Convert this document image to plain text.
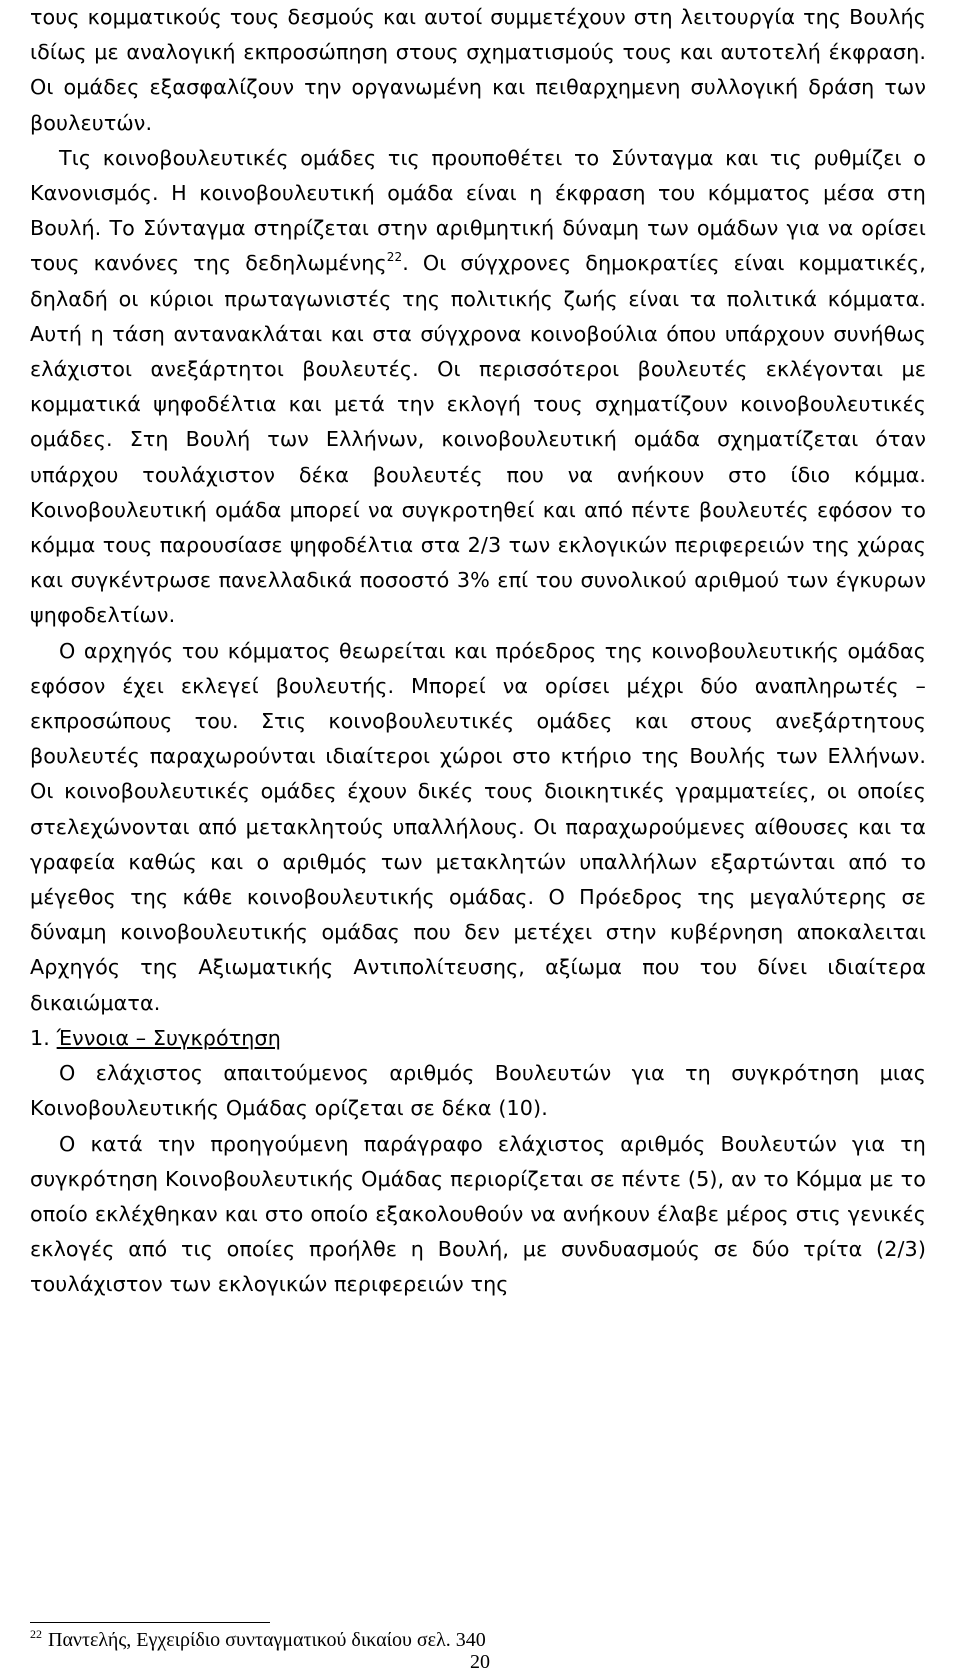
τους κομματικούς τους δεσμούς και αυτοί συμμετέχουν στη λειτουργία της Βουλής ιδίως με αναλογική εκπροσώπηση στους σχηματισμούς τους και αυτοτελή έκφραση. Οι ομάδες εξασφαλίζουν την οργανωμένη και πειθαρχημενη συλλογική δράση των βουλευτών.

Τις κοινοβουλευτικές ομάδες τις προυποθέτει το Σύνταγμα και τις ρυθμίζει ο Κανονισμός. Η κοινοβουλευτική ομάδα είναι η έκφραση του κόμματος μέσα στη Βουλή. Το Σύνταγμα στηρίζεται στην αριθμητική δύναμη των ομάδων για να ορίσει τους κανόνες της δεδηλωμένης$^{22}$. Οι σύγχρονες δημοκρατίες είναι κομματικές, δηλαδή οι κύριοι πρωταγωνιστές της πολιτικής ζωής είναι τα πολιτικά κόμματα. Αυτή η τάση αντανακλάται και στα σύγχρονα κοινοβούλια όπου υπάρχουν συνήθως ελάχιστοι ανεξάρτητοι βουλευτές. Οι περισσότεροι βουλευτές εκλέγονται με κομματικά ψηφοδέλτια και μετά την εκλογή τους σχηματίζουν κοινοβουλευτικές ομάδες. Στη Βουλή των Ελλήνων, κοινοβουλευτική ομάδα σχηματίζεται όταν υπάρχου τουλάχιστον δέκα βουλευτές που να ανήκουν στο ίδιο κόμμα. Κοινοβουλευτική ομάδα μπορεί να συγκροτηθεί και από πέντε βουλευτές εφόσον το κόμμα τους παρουσίασε ψηφοδέλτια στα 2/3 των εκλογικών περιφερειών της χώρας και συγκέντρωσε πανελλαδικά ποσοστό 3% επί του συνολικού αριθμού των έγκυρων ψηφοδελτίων.

Ο αρχηγός του κόμματος θεωρείται και πρόεδρος της κοινοβουλευτικής ομάδας εφόσον έχει εκλεγεί βουλευτής. Μπορεί να ορίσει μέχρι δύο αναπληρωτές – εκπροσώπους του. Στις κοινοβουλευτικές ομάδες και στους ανεξάρτητους βουλευτές παραχωρούνται ιδιαίτεροι χώροι στο κτήριο της Βουλής των Ελλήνων. Οι κοινοβουλευτικές ομάδες έχουν δικές τους διοικητικές γραμματείες, οι οποίες στελεχώνονται από μετακλητούς υπαλλήλους. Οι παραχωρούμενες αίθουσες και τα γραφεία καθώς και ο αριθμός των μετακλητών υπαλλήλων εξαρτώνται από το μέγεθος της κάθε κοινοβουλευτικής ομάδας. Ο Πρόεδρος της μεγαλύτερης σε δύναμη κοινοβουλευτικής ομάδας που δεν μετέχει στην κυβέρνηση αποκαλειται Αρχηγός της Αξιωματικής Αντιπολίτευσης, αξίωμα που του δίνει ιδιαίτερα δικαιώματα.

1. Έννοια – Συγκρότηση

Ο ελάχιστος απαιτούμενος αριθμός Βουλευτών για τη συγκρότηση μιας Κοινοβουλευτικής Ομάδας ορίζεται σε δέκα (10).

Ο κατά την προηγούμενη παράγραφο ελάχιστος αριθμός Βουλευτών για τη συγκρότηση Κοινοβουλευτικής Ομάδας περιορίζεται σε πέντε (5), αν το Κόμμα με το οποίο εκλέχθηκαν και στο οποίο εξακολουθούν να ανήκουν έλαβε μέρος στις γενικές εκλογές από τις οποίες προήλθε η Βουλή, με συνδυασμούς σε δύο τρίτα (2/3) τουλάχιστον των εκλογικών περιφερειών της

$^{22}$ Παντελής, Εγχειρίδιο συνταγματικού δικαίου σελ. 340
20
